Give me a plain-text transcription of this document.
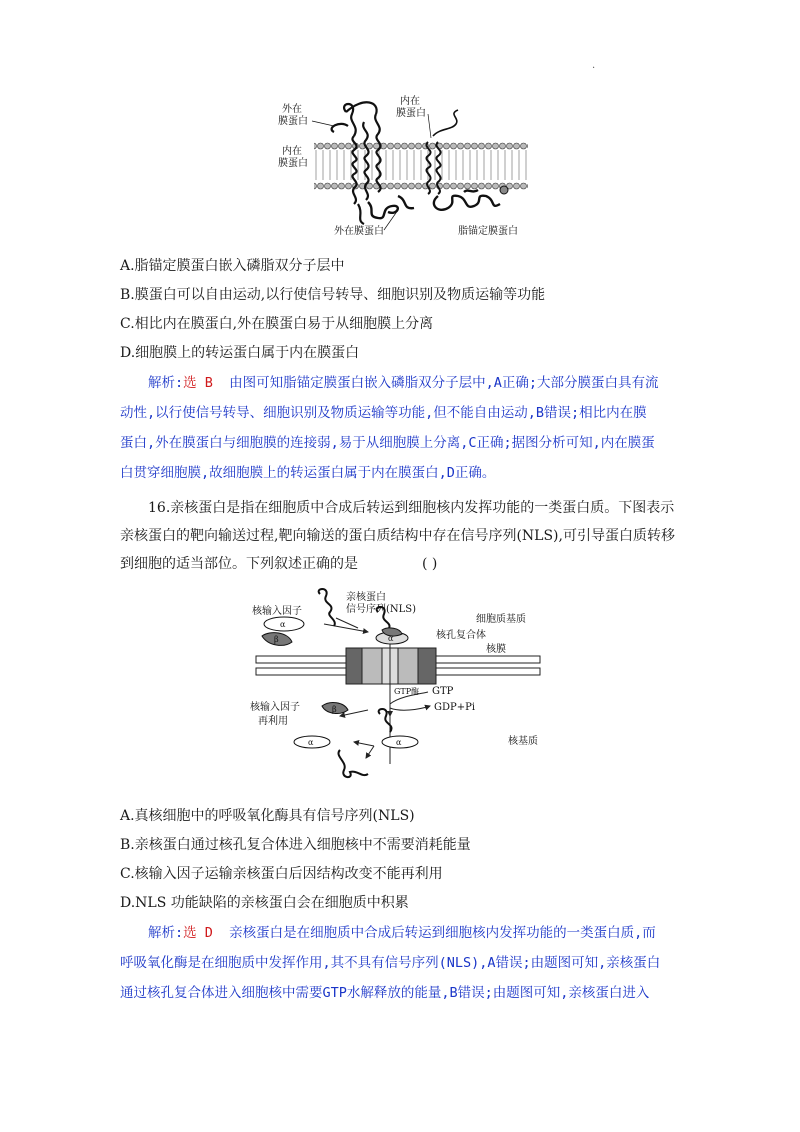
.
外在
膜蛋白
内在
膜蛋白
内在
膜蛋白
外在膜蛋白	脂锚定膜蛋白
A.脂锚定膜蛋白嵌入磷脂双分子层中
B.膜蛋白可以自由运动,以行使信号转导、细胞识别及物质运输等功能
C.相比内在膜蛋白,外在膜蛋白易于从细胞膜上分离
D.细胞膜上的转运蛋白属于内在膜蛋白

解析:选 B 由图可知脂锚定膜蛋白嵌入磷脂双分子层中,A正确;大部分膜蛋白具有流

动性,以行使信号转导、细胞识别及物质运输等功能,但不能自由运动,B错误;相比内在膜

蛋白,外在膜蛋白与细胞膜的连接弱,易于从细胞膜上分离,C正确;据图分析可知,内在膜蛋

白贯穿细胞膜,故细胞膜上的转运蛋白属于内在膜蛋白,D正确。

16.亲核蛋白是指在细胞质中合成后转运到细胞核内发挥功能的一类蛋白质。下图表示

亲核蛋白的靶向输送过程,靶向输送的蛋白质结构中存在信号序列(NLS),可引导蛋白质转移

到细胞的适当部位。下列叙述正确的是	( )

亲核蛋白
信号序列(NLS)
核输入因子
细胞质基质
核孔复合体
核膜
GTP酶 GTP
GDP+Pi
核输入因子
再利用
核基质
α
β	α
β
α	α
A.真核细胞中的呼吸氧化酶具有信号序列(NLS)
B.亲核蛋白通过核孔复合体进入细胞核中不需要消耗能量
C.核输入因子运输亲核蛋白后因结构改变不能再利用
D.NLS 功能缺陷的亲核蛋白会在细胞质中积累

解析:选 D 亲核蛋白是在细胞质中合成后转运到细胞核内发挥功能的一类蛋白质,而

呼吸氧化酶是在细胞质中发挥作用,其不具有信号序列(NLS),A错误;由题图可知,亲核蛋白

通过核孔复合体进入细胞核中需要GTP水解释放的能量,B错误;由题图可知,亲核蛋白进入
